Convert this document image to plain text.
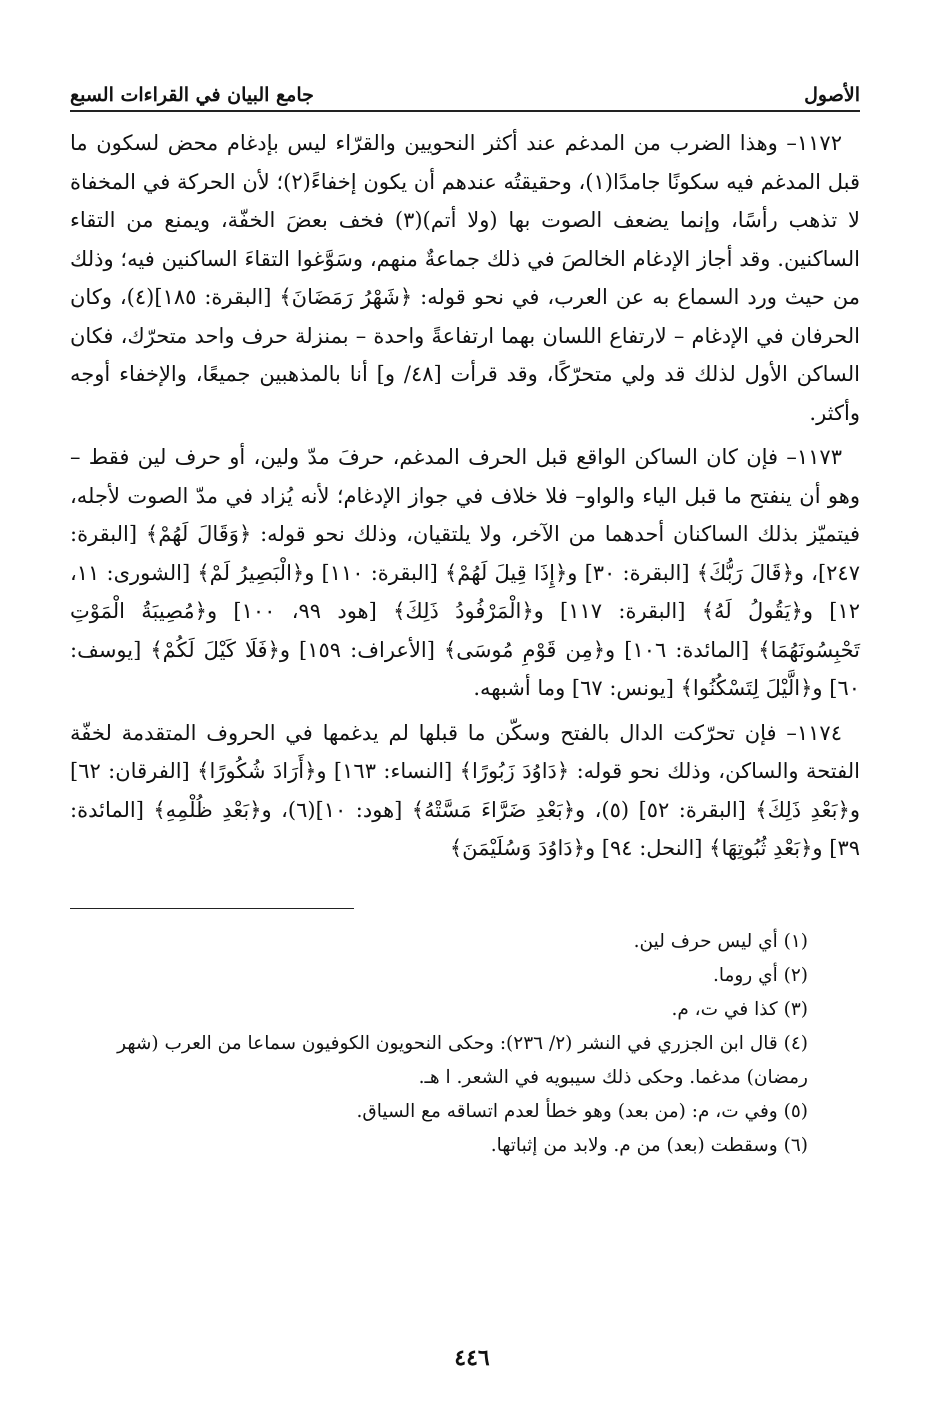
الأصول
جامع البيان في القراءات السبع

١١٧٢– وهذا الضرب من المدغم عند أكثر النحويين والقرّاء ليس بإدغام محض لسكون ما قبل المدغم فيه سكونًا جامدًا(١)، وحقيقتُه عندهم أن يكون إخفاءً(٢)؛ لأن الحركة في المخفاة لا تذهب رأسًا، وإنما يضعف الصوت بها (ولا أتم)(٣) فخف بعضَ الخفّة، ويمنع من التقاء الساكنين. وقد أجاز الإدغام الخالصَ في ذلك جماعةٌ منهم، وسَوَّغوا التقاءَ الساكنين فيه؛ وذلك من حيث ورد السماع به عن العرب، في نحو قوله: ﴿شَهْرُ رَمَضَانَ﴾ [البقرة: ١٨٥](٤)، وكان الحرفان في الإدغام – لارتفاع اللسان بهما ارتفاعةً واحدة – بمنزلة حرف واحد متحرّك، فكان الساكن الأول لذلك قد ولي متحرّكًا، وقد قرأت [٤٨/ و] أنا بالمذهبين جميعًا، والإخفاء أوجه وأكثر.

١١٧٣– فإن كان الساكن الواقع قبل الحرف المدغم، حرفَ مدّ ولين، أو حرف لين فقط – وهو أن ينفتح ما قبل الياء والواو– فلا خلاف في جواز الإدغام؛ لأنه يُزاد في مدّ الصوت لأجله، فيتميّز بذلك الساكنان أحدهما من الآخر، ولا يلتقيان، وذلك نحو قوله: ﴿وَقَالَ لَهُمْ﴾ [البقرة: ٢٤٧]، و﴿قَالَ رَبُّكَ﴾ [البقرة: ٣٠] و﴿إِذَا قِيلَ لَهُمْ﴾ [البقرة: ١١٠] و﴿الْبَصِيرُ لَمْ﴾ [الشورى: ١١، ١٢] و﴿يَقُولُ لَهُ﴾ [البقرة: ١١٧] و﴿الْمَرْفُودُ ذَلِكَ﴾ [هود ٩٩، ١٠٠] و﴿مُصِيبَةُ الْمَوْتِ تَحْبِسُونَهُمَا﴾ [المائدة: ١٠٦] و﴿مِن قَوْمِ مُوسَى﴾ [الأعراف: ١٥٩] و﴿فَلَا كَيْلَ لَكُمْ﴾ [يوسف: ٦٠] و﴿الَّيْلَ لِتَسْكُنُوا﴾ [يونس: ٦٧] وما أشبهه.

١١٧٤– فإن تحرّكت الدال بالفتح وسكّن ما قبلها لم يدغمها في الحروف المتقدمة لخفّة الفتحة والساكن، وذلك نحو قوله: ﴿دَاوُدَ زَبُورًا﴾ [النساء: ١٦٣] و﴿أَرَادَ شُكُورًا﴾ [الفرقان: ٦٢] و﴿بَعْدِ ذَلِكَ﴾ [البقرة: ٥٢] (٥)، و﴿بَعْدِ ضَرَّاءَ مَسَّتْهُ﴾ [هود: ١٠](٦)، و﴿بَعْدِ ظُلْمِهِ﴾ [المائدة: ٣٩] و﴿بَعْدِ ثُبُوتِهَا﴾ [النحل: ٩٤] و﴿دَاوُدَ وَسُلَيْمَنَ﴾

(١) أي ليس حرف لين.

(٢) أي روما.

(٣) كذا في ت، م.

(٤) قال ابن الجزري في النشر (٢/ ٢٣٦): وحكى النحويون الكوفيون سماعا من العرب (شهر رمضان) مدغما. وحكى ذلك سيبويه في الشعر. ا هـ.

(٥) وفي ت، م: (من بعد) وهو خطأ لعدم اتساقه مع السياق.

(٦) وسقطت (بعد) من م. ولابد من إثباتها.

٤٤٦
